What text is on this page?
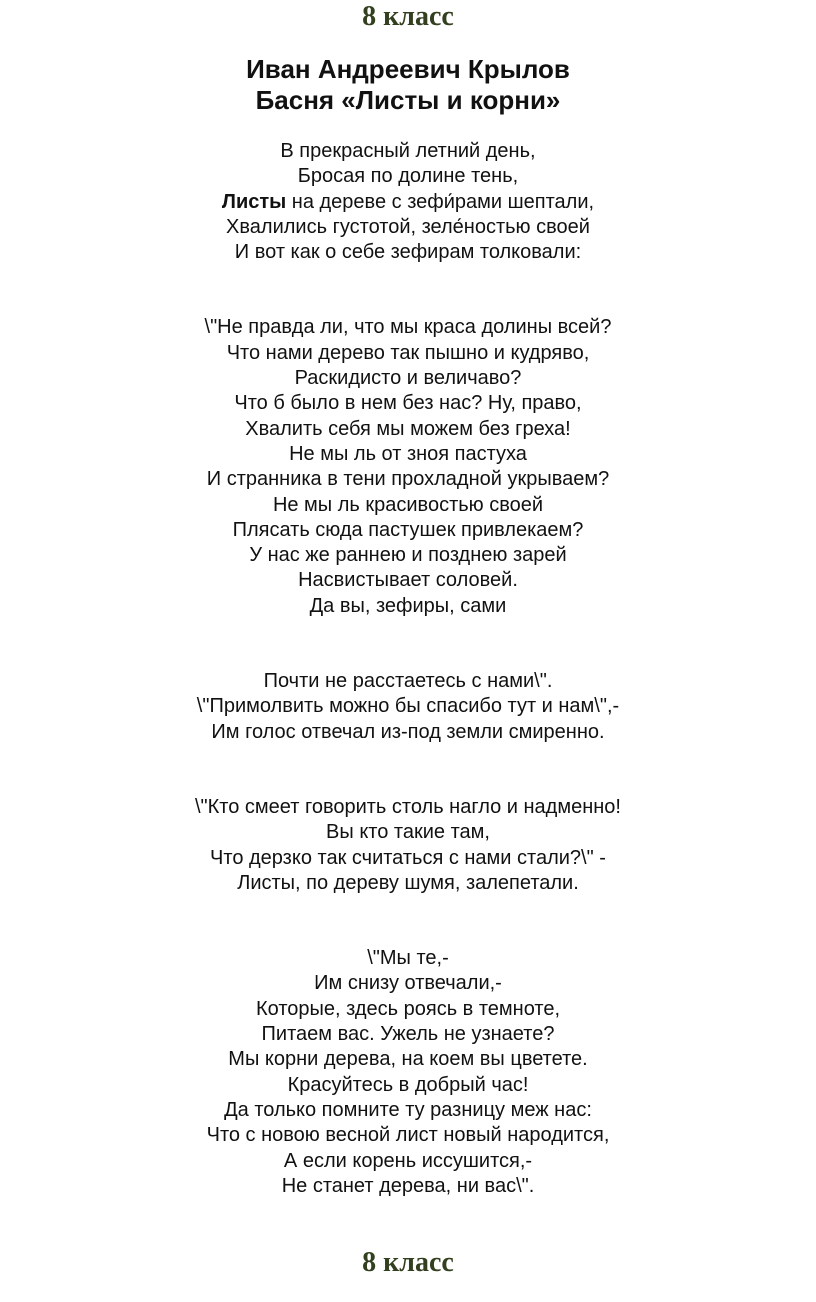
8 класс
Иван Андреевич Крылов
Басня «Листы и корни»
В прекрасный летний день,
Бросая по долине тень,
Листы на дереве с зефи́рами шептали,
Хвалились густотой, зеле́ностью своей
И вот как о себе зефирам толковали:
\"Не правда ли, что мы краса долины всей?
Что нами дерево так пышно и кудряво,
Раскидисто и величаво?
Что б было в нем без нас? Ну, право,
Хвалить себя мы можем без греха!
Не мы ль от зноя пастуха
И странника в тени прохладной укрываем?
Не мы ль красивостью своей
Плясать сюда пастушек привлекаем?
У нас же раннею и позднею зарей
Насвистывает соловей.
Да вы, зефиры, сами
Почти не расстаетесь с нами\".
\"Примолвить можно бы спасибо тут и нам\",-
Им голос отвечал из-под земли смиренно.
\"Кто смеет говорить столь нагло и надменно!
Вы кто такие там,
Что дерзко так считаться с нами стали?\" -
Листы, по дереву шумя, залепетали.
\"Мы те,-
Им снизу отвечали,-
Которые, здесь роясь в темноте,
Питаем вас. Ужель не узнаете?
Мы корни дерева, на коем вы цветете.
Красуйтесь в добрый час!
Да только помните ту разницу меж нас:
Что с новою весной лист новый народится,
А если корень иссушится,-
Не станет дерева, ни вас\".
8 класс
